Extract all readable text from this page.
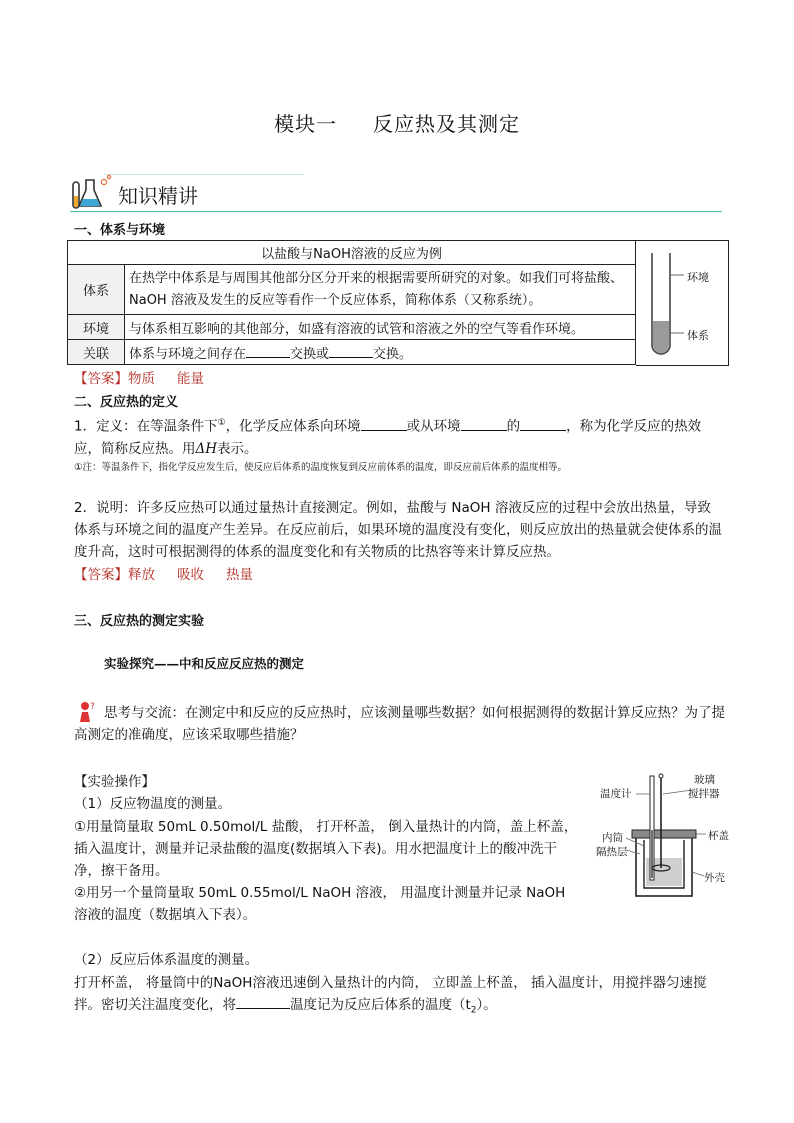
模块一 反应热及其测定
知识精讲
一、体系与环境
以盐酸与NaOH溶液的反应为例	
体系	在热学中体系是与周围其他部分区分开来的根据需要所研究的对象。如我们可将盐酸、NaOH 溶液及发生的反应等看作一个反应体系，简称体系（又称系统）。
环境	与体系相互影响的其他部分，如盛有溶液的试管和溶液之外的空气等看作环境。
关联	体系与环境之间存在 交换或 交换。
环境
体系
【答案】物质 能量
二、反应热的定义
1．定义：在等温条件下①，化学反应体系向环境	或从环境	的	，称为化学反应的热效应，简称反应热。用ΔH表示。
①注：等温条件下，指化学反应发生后，使反应后体系的温度恢复到反应前体系的温度，即反应前后体系的温度相等。
2．说明：许多反应热可以通过量热计直接测定。例如，盐酸与 NaOH 溶液反应的过程中会放出热量，导致体系与环境之间的温度产生差异。在反应前后，如果环境的温度没有变化，则反应放出的热量就会使体系的温度升高，这时可根据测得的体系的温度变化和有关物质的比热容等来计算反应热。
【答案】释放 吸收 热量
三、反应热的测定实验
实验探究——中和反应反应热的测定
? 思考与交流：在测定中和反应的反应热时，应该测量哪些数据？如何根据测得的数据计算反应热？为了提高测定的准确度，应该采取哪些措施？
【实验操作】
（1）反应物温度的测量。
①用量筒量取 50mL 0.50mol/L 盐酸， 打开杯盖， 倒入量热计的内筒，盖上杯盖，插入温度计，测量并记录盐酸的温度(数据填入下表)。用水把温度计上的酸冲洗干净，擦干备用。
②用另一个量筒量取 50mL 0.55mol/L NaOH 溶液， 用温度计测量并记录 NaOH 溶液的温度（数据填入下表）。
温度计
玻璃
搅拌器
杯盖
内筒
隔热层
外壳
（2）反应后体系温度的测量。
打开杯盖， 将量筒中的NaOH溶液迅速倒入量热计的内筒， 立即盖上杯盖， 插入温度计，用搅拌器匀速搅拌。密切关注温度变化，将	温度记为反应后体系的温度$(t_2)$。
